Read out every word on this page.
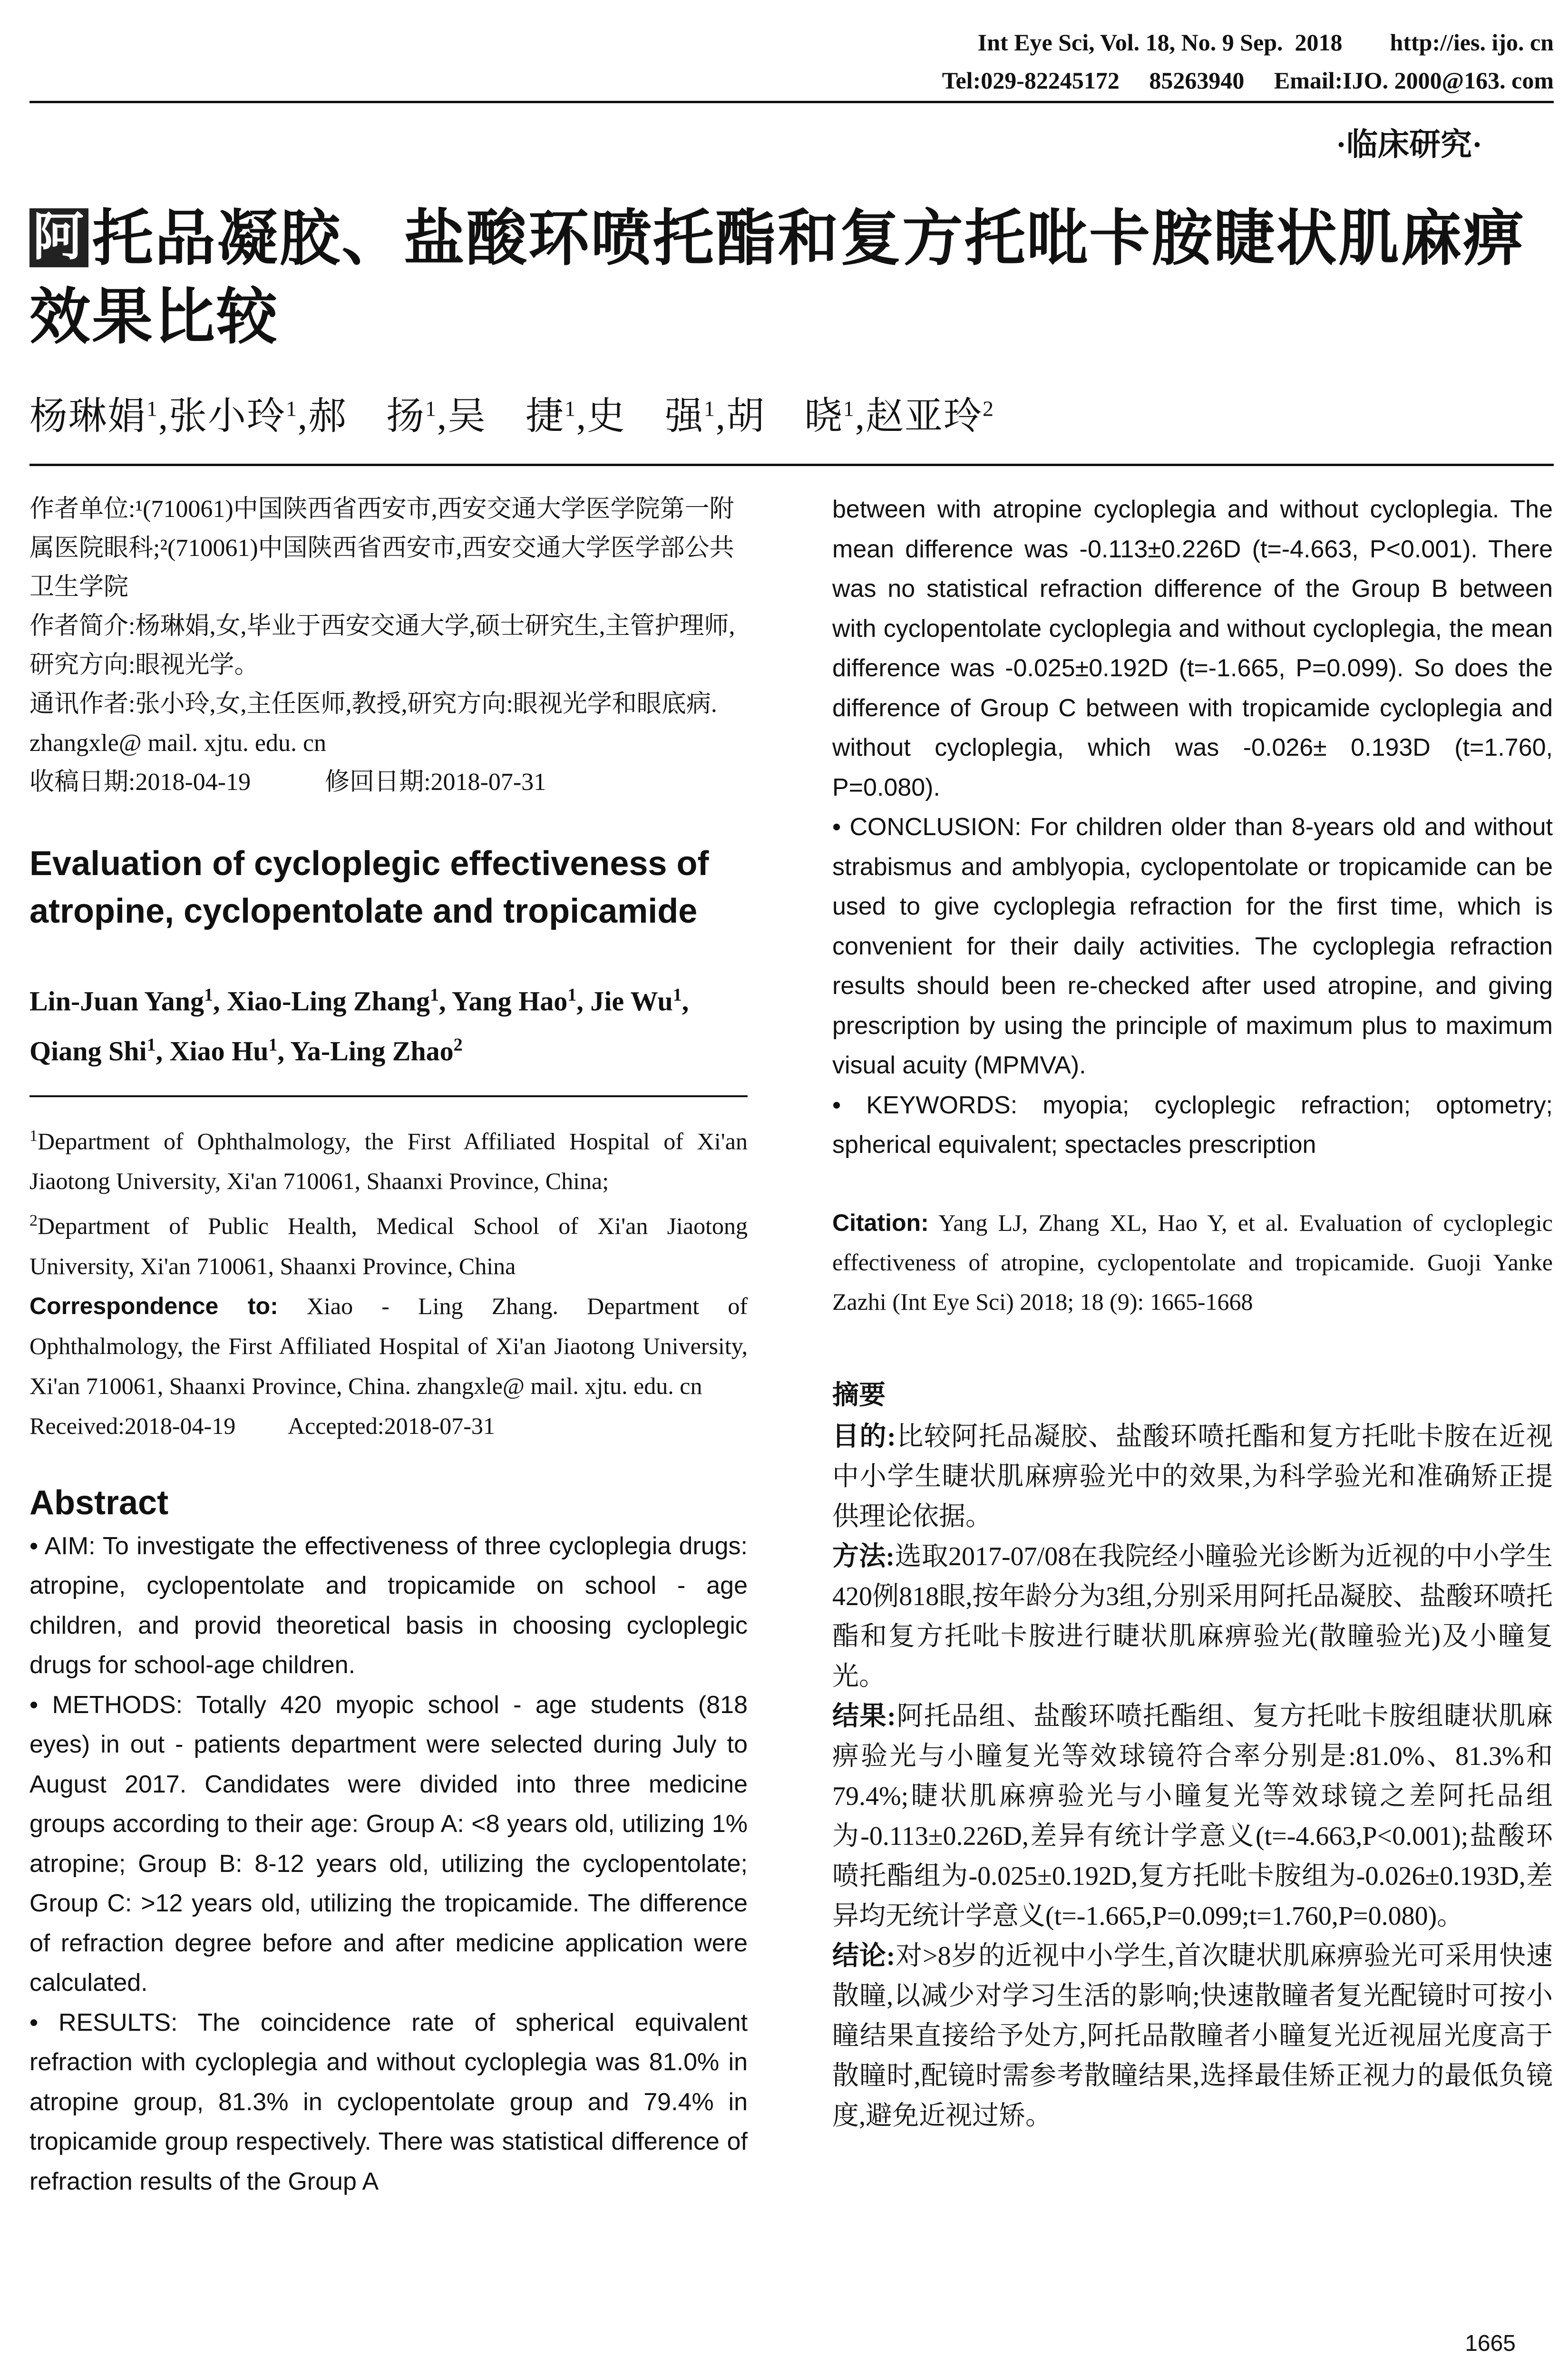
Int Eye Sci, Vol. 18, No. 9 Sep.  2018        http://ies. ijo. cn
Tel:029-82245172     85263940     Email:IJO. 2000@163. com
·临床研究·
阿 托品凝胶、盐酸环喷托酯和复方托吡卡胺睫状肌麻痹效果比较
杨琳娟$^1$,张小玲$^1$,郝　扬$^1$,吴　捷$^1$,史　强$^1$,胡　晓$^1$,赵亚玲$^2$
作者单位:¹(710061)中国陕西省西安市,西安交通大学医学院第一附属医院眼科;²(710061)中国陕西省西安市,西安交通大学医学部公共卫生学院
作者简介:杨琳娟,女,毕业于西安交通大学,硕士研究生,主管护理师,研究方向:眼视光学。
通讯作者:张小玲,女,主任医师,教授,研究方向:眼视光学和眼底病. zhangxle@ mail. xjtu. edu. cn
收稿日期:2018-04-19　　　修回日期:2018-07-31
Evaluation of cycloplegic effectiveness of atropine, cyclopentolate and tropicamide
Lin-Juan Yang$^1$, Xiao-Ling Zhang$^1$, Yang Hao$^1$, Jie Wu$^1$, Qiang Shi$^1$, Xiao Hu$^1$, Ya-Ling Zhao$^2$
$^1$Department of Ophthalmology, the First Affiliated Hospital of Xi'an Jiaotong University, Xi'an 710061, Shaanxi Province, China;
$^2$Department of Public Health, Medical School of Xi'an Jiaotong University, Xi'an 710061, Shaanxi Province, China
Correspondence to: Xiao - Ling Zhang. Department of Ophthalmology, the First Affiliated Hospital of Xi'an Jiaotong University, Xi'an 710061, Shaanxi Province, China. zhangxle@ mail. xjtu. edu. cn
Received:2018-04-19　　 Accepted:2018-07-31
Abstract
• AIM: To investigate the effectiveness of three cycloplegia drugs: atropine, cyclopentolate and tropicamide on school - age children, and provid theoretical basis in choosing cycloplegic drugs for school-age children.
• METHODS: Totally 420 myopic school - age students (818 eyes) in out - patients department were selected during July to August 2017. Candidates were divided into three medicine groups according to their age: Group A: <8 years old, utilizing 1% atropine; Group B: 8-12 years old, utilizing the cyclopentolate; Group C: >12 years old, utilizing the tropicamide. The difference of refraction degree before and after medicine application were calculated.
• RESULTS: The coincidence rate of spherical equivalent refraction with cycloplegia and without cycloplegia was 81.0% in atropine group, 81.3% in cyclopentolate group and 79.4% in tropicamide group respectively. There was statistical difference of refraction results of the Group A
between with atropine cycloplegia and without cycloplegia. The mean difference was -0.113±0.226D (t=-4.663, P<0.001). There was no statistical refraction difference of the Group B between with cyclopentolate cycloplegia and without cycloplegia, the mean difference was -0.025±0.192D (t=-1.665, P=0.099). So does the difference of Group C between with tropicamide cycloplegia and without cycloplegia, which was -0.026± 0.193D (t=1.760, P=0.080).
• CONCLUSION: For children older than 8-years old and without strabismus and amblyopia, cyclopentolate or tropicamide can be used to give cycloplegia refraction for the first time, which is convenient for their daily activities. The cycloplegia refraction results should been re-checked after used atropine, and giving prescription by using the principle of maximum plus to maximum visual acuity (MPMVA).
• KEYWORDS: myopia; cycloplegic refraction; optometry; spherical equivalent; spectacles prescription
Citation: Yang LJ, Zhang XL, Hao Y, et al. Evaluation of cycloplegic effectiveness of atropine, cyclopentolate and tropicamide. Guoji Yanke Zazhi (Int Eye Sci) 2018; 18 (9): 1665-1668
摘要
目的:比较阿托品凝胶、盐酸环喷托酯和复方托吡卡胺在近视中小学生睫状肌麻痹验光中的效果,为科学验光和准确矫正提供理论依据。
方法:选取2017-07/08在我院经小瞳验光诊断为近视的中小学生420例818眼,按年龄分为3组,分别采用阿托品凝胶、盐酸环喷托酯和复方托吡卡胺进行睫状肌麻痹验光(散瞳验光)及小瞳复光。
结果:阿托品组、盐酸环喷托酯组、复方托吡卡胺组睫状肌麻痹验光与小瞳复光等效球镜符合率分别是:81.0%、81.3%和79.4%;睫状肌麻痹验光与小瞳复光等效球镜之差阿托品组为-0.113±0.226D,差异有统计学意义(t=-4.663,P<0.001);盐酸环喷托酯组为-0.025±0.192D,复方托吡卡胺组为-0.026±0.193D,差异均无统计学意义(t=-1.665,P=0.099;t=1.760,P=0.080)。
结论:对>8岁的近视中小学生,首次睫状肌麻痹验光可采用快速散瞳,以减少对学习生活的影响;快速散瞳者复光配镜时可按小瞳结果直接给予处方,阿托品散瞳者小瞳复光近视屈光度高于散瞳时,配镜时需参考散瞳结果,选择最佳矫正视力的最低负镜度,避免近视过矫。
1665
